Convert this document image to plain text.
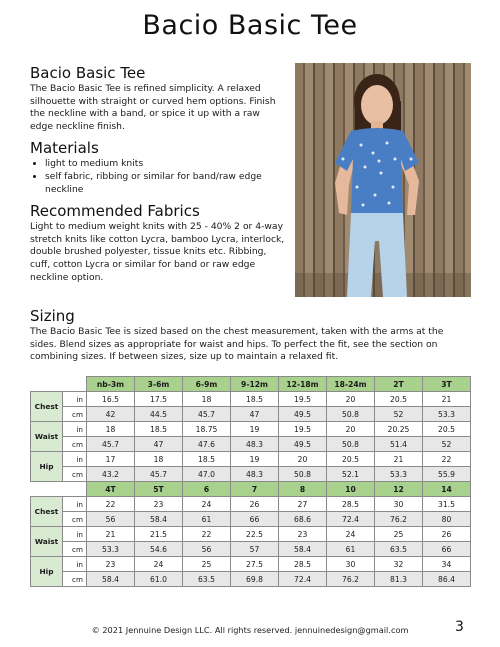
Bacio Basic Tee
Bacio Basic Tee

The Bacio Basic Tee is refined simplicity. A relaxed silhouette with straight or curved hem options. Finish the neckline with a band, or spice it up with a raw edge neckline finish.

Materials
• light to medium knits
• self fabric, ribbing or similar for band/raw edge neckline
Recommended Fabrics

Light to medium weight knits with 25 - 40% 2 or 4-way stretch knits like cotton Lycra, bamboo Lycra, interlock, double brushed polyester, tissue knits etc. Ribbing, cuff, cotton Lycra or similar for band or raw edge neckline option.

Sizing

The Bacio Basic Tee is sized based on the chest measurement, taken with the arms at the sides. Blend sizes as appropriate for waist and hips. To perfect the fit, see the section on combining sizes. If between sizes, size up to maintain a relaxed fit.

		nb-3m	3-6m	6-9m	9-12m	12-18m	18-24m	2T	3T
Chest	in	16.5	17.5	18	18.5	19.5	20	20.5	21
	cm	42	44.5	45.7	47	49.5	50.8	52	53.3
Waist	in	18	18.5	18.75	19	19.5	20	20.25	20.5
	cm	45.7	47	47.6	48.3	49.5	50.8	51.4	52
Hip	in	17	18	18.5	19	20	20.5	21	22
	cm	43.2	45.7	47.0	48.3	50.8	52.1	53.3	55.9
		4T	5T	6	7	8	10	12	14
Chest	in	22	23	24	26	27	28.5	30	31.5
	cm	56	58.4	61	66	68.6	72.4	76.2	80
Waist	in	21	21.5	22	22.5	23	24	25	26
	cm	53.3	54.6	56	57	58.4	61	63.5	66
Hip	in	23	24	25	27.5	28.5	30	32	34
	cm	58.4	61.0	63.5	69.8	72.4	76.2	81.3	86.4
© 2021 Jennuine Design LLC. All rights reserved. jennuinedesign@gmail.com	3
